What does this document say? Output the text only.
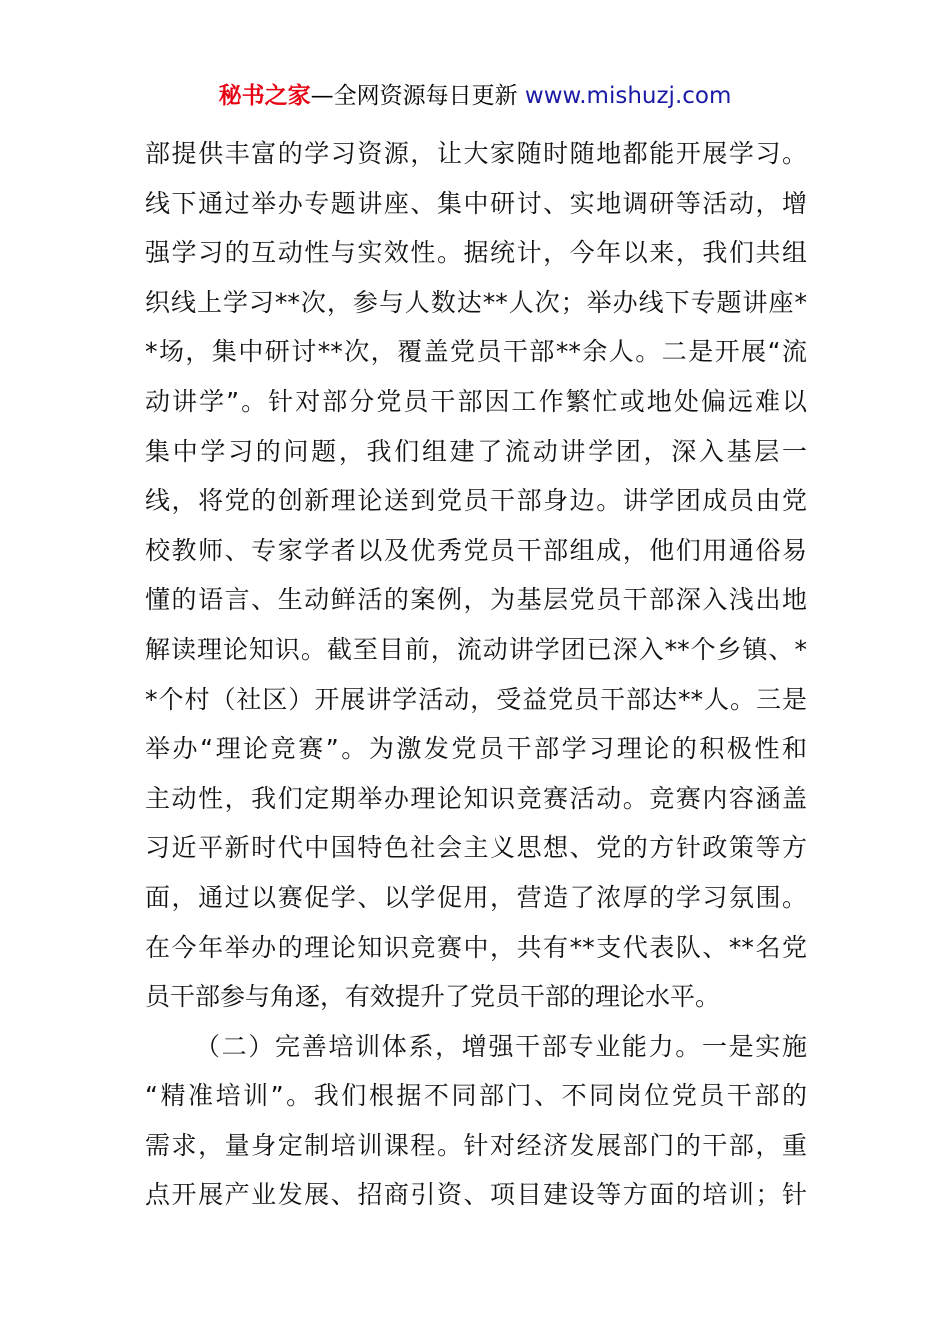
秘书之家—全网资源每日更新 www.mishuzj.com
部提供丰富的学习资源，让大家随时随地都能开展学习。
线下通过举办专题讲座、集中研讨、实地调研等活动，增
强学习的互动性与实效性。据统计，今年以来，我们共组
织线上学习**次，参与人数达**人次；举办线下专题讲座*
*场，集中研讨**次，覆盖党员干部**余人。二是开展“流
动讲学”。针对部分党员干部因工作繁忙或地处偏远难以
集中学习的问题，我们组建了流动讲学团，深入基层一
线，将党的创新理论送到党员干部身边。讲学团成员由党
校教师、专家学者以及优秀党员干部组成，他们用通俗易
懂的语言、生动鲜活的案例，为基层党员干部深入浅出地
解读理论知识。截至目前，流动讲学团已深入**个乡镇、*
*个村（社区）开展讲学活动，受益党员干部达**人。三是
举办“理论竞赛”。为激发党员干部学习理论的积极性和
主动性，我们定期举办理论知识竞赛活动。竞赛内容涵盖
习近平新时代中国特色社会主义思想、党的方针政策等方
面，通过以赛促学、以学促用，营造了浓厚的学习氛围。
在今年举办的理论知识竞赛中，共有**支代表队、**名党
员干部参与角逐，有效提升了党员干部的理论水平。
（二）完善培训体系，增强干部专业能力。一是实施
“精准培训”。我们根据不同部门、不同岗位党员干部的
需求，量身定制培训课程。针对经济发展部门的干部，重
点开展产业发展、招商引资、项目建设等方面的培训；针
